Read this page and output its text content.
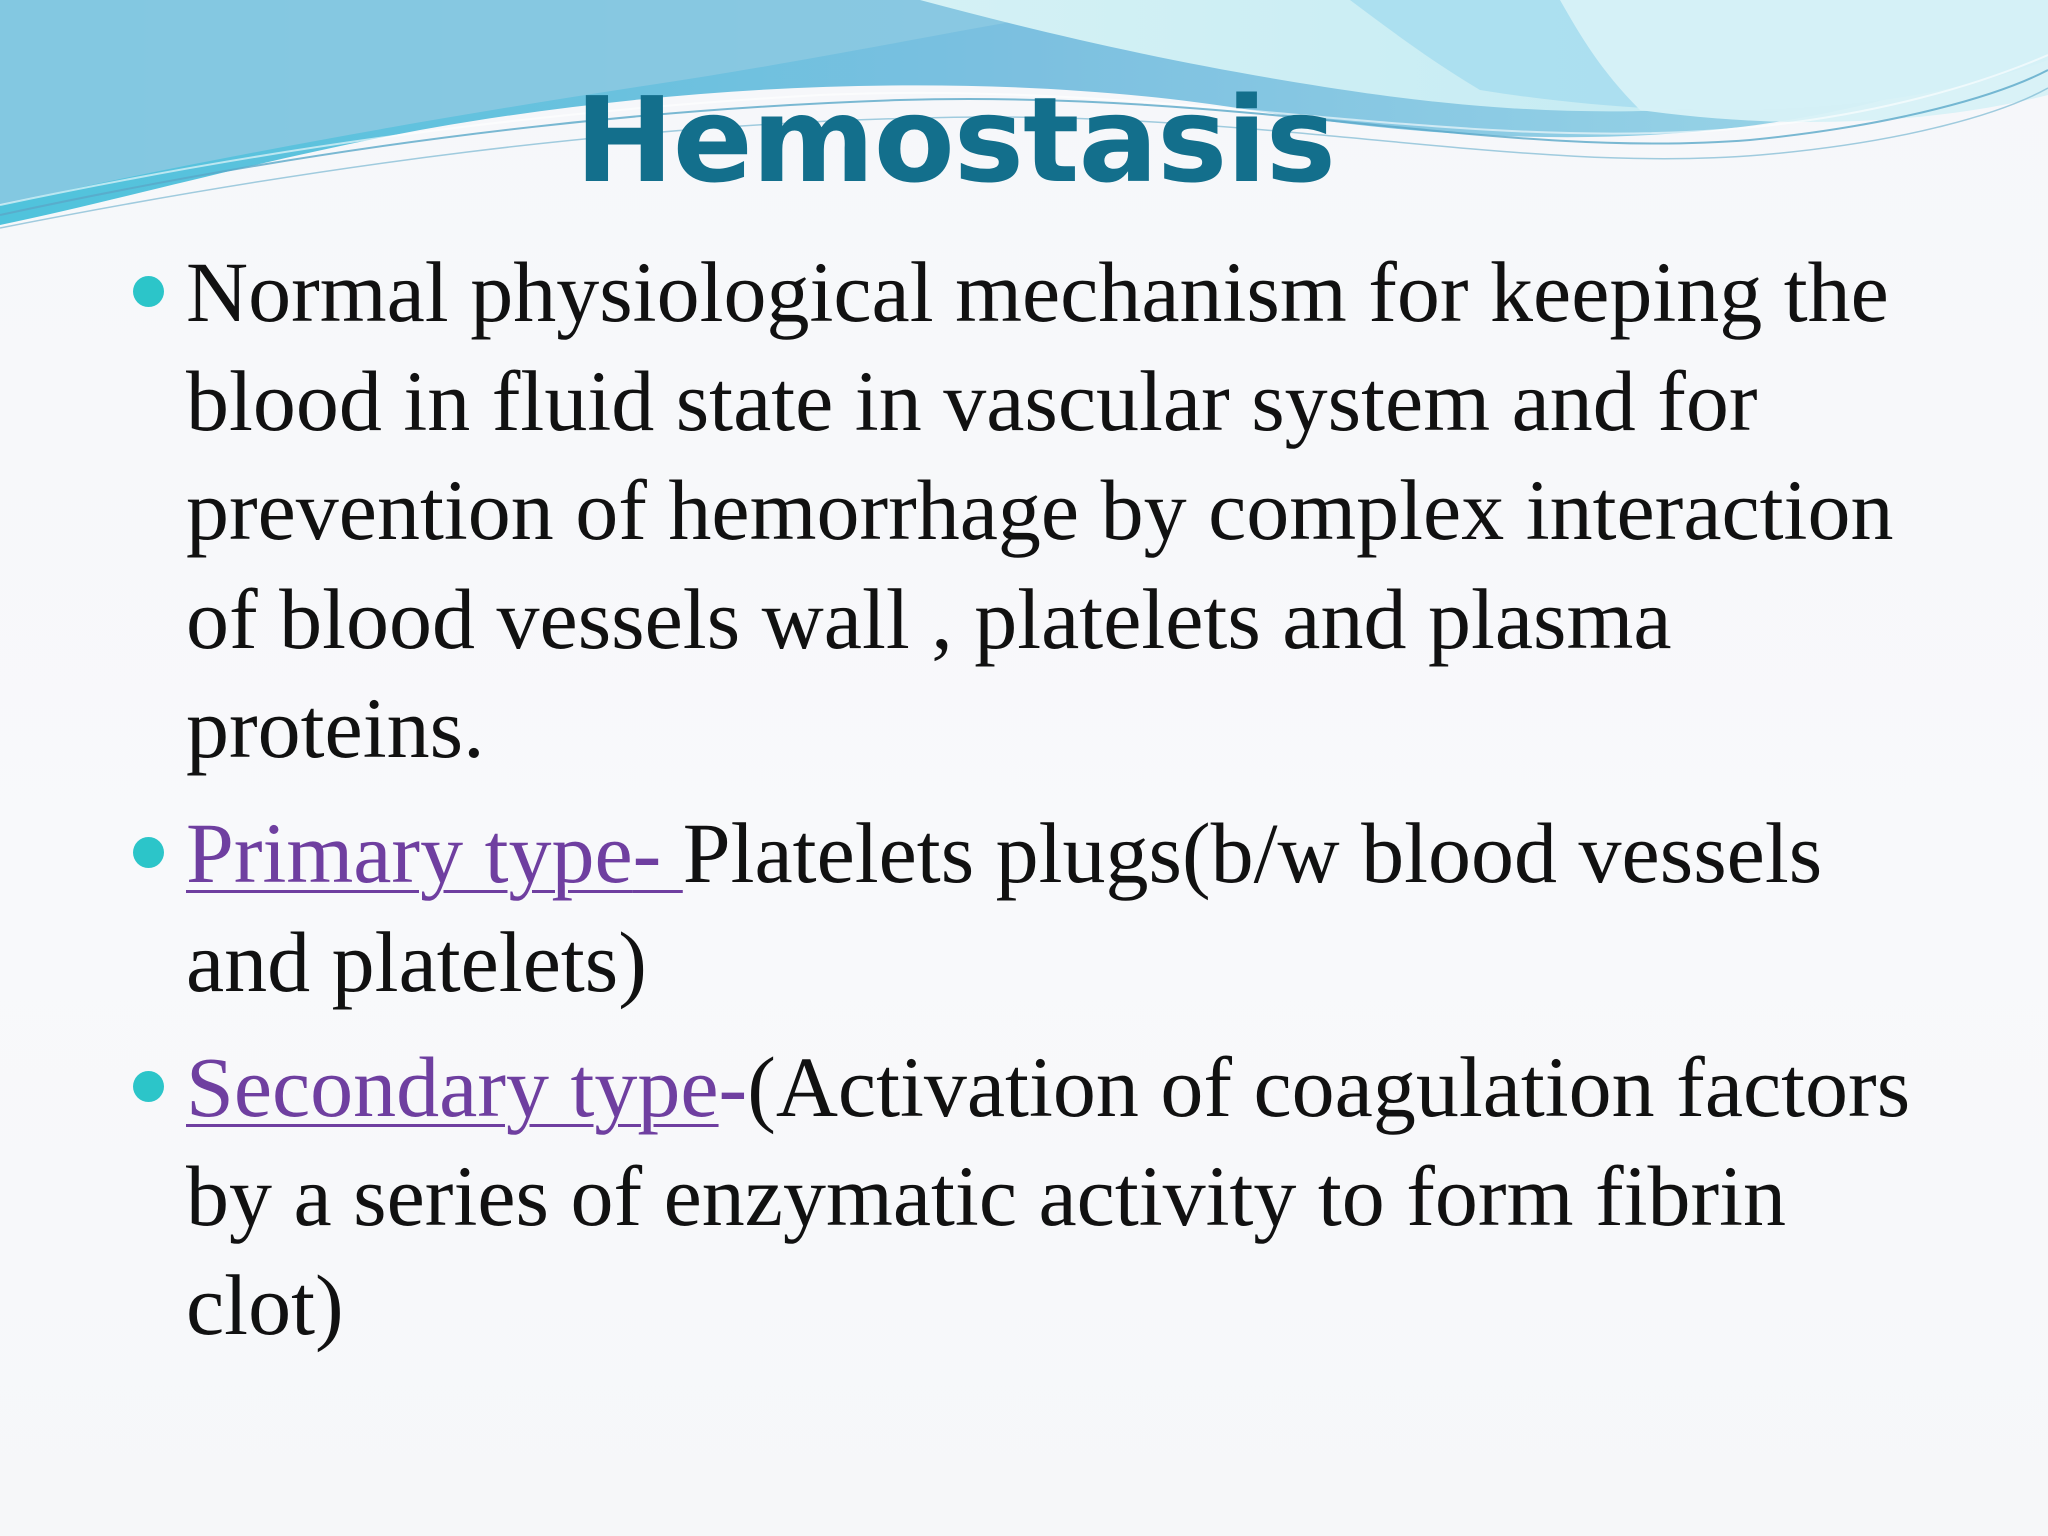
Hemostasis
Normal physiological mechanism for keeping the blood in fluid state in vascular system and for prevention of hemorrhage by complex interaction of blood vessels wall , platelets and plasma proteins.
Primary type- Platelets plugs(b/w blood vessels and platelets)
Secondary type-(Activation of coagulation factors by a series of enzymatic activity to form fibrin clot)
